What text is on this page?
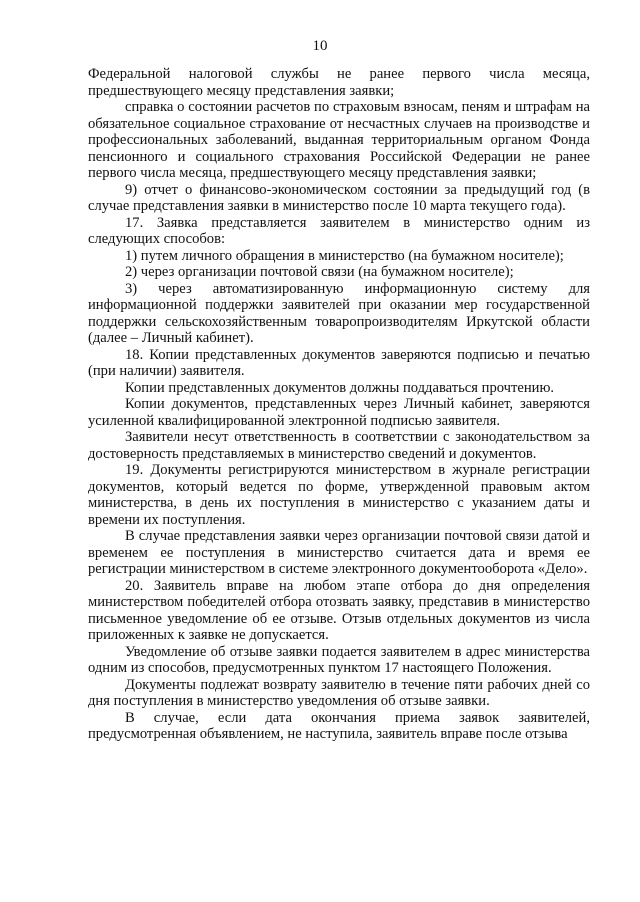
10

Федеральной налоговой службы не ранее первого числа месяца, предшествующего месяцу представления заявки;

справка о состоянии расчетов по страховым взносам, пеням и штрафам на обязательное социальное страхование от несчастных случаев на производстве и профессиональных заболеваний, выданная территориальным органом Фонда пенсионного и социального страхования Российской Федерации не ранее первого числа месяца, предшествующего месяцу представления заявки;

9) отчет о финансово-экономическом состоянии за предыдущий год (в случае представления заявки в министерство после 10 марта текущего года).

17. Заявка представляется заявителем в министерство одним из следующих способов:

1) путем личного обращения в министерство (на бумажном носителе);

2) через организации почтовой связи (на бумажном носителе);

3) через автоматизированную информационную систему для информационной поддержки заявителей при оказании мер государственной поддержки сельскохозяйственным товаропроизводителям Иркутской области (далее – Личный кабинет).

18. Копии представленных документов заверяются подписью и печатью (при наличии) заявителя.

Копии представленных документов должны поддаваться прочтению.

Копии документов, представленных через Личный кабинет, заверяются усиленной квалифицированной электронной подписью заявителя.

Заявители несут ответственность в соответствии с законодательством за достоверность представляемых в министерство сведений и документов.

19. Документы регистрируются министерством в журнале регистрации документов, который ведется по форме, утвержденной правовым актом министерства, в день их поступления в министерство с указанием даты и времени их поступления.

В случае представления заявки через организации почтовой связи датой и временем ее поступления в министерство считается дата и время ее регистрации министерством в системе электронного документооборота «Дело».

20. Заявитель вправе на любом этапе отбора до дня определения министерством победителей отбора отозвать заявку, представив в министерство письменное уведомление об ее отзыве. Отзыв отдельных документов из числа приложенных к заявке не допускается.

Уведомление об отзыве заявки подается заявителем в адрес министерства одним из способов, предусмотренных пунктом 17 настоящего Положения.

Документы подлежат возврату заявителю в течение пяти рабочих дней со дня поступления в министерство уведомления об отзыве заявки.

В случае, если дата окончания приема заявок заявителей, предусмотренная объявлением, не наступила, заявитель вправе после отзыва
